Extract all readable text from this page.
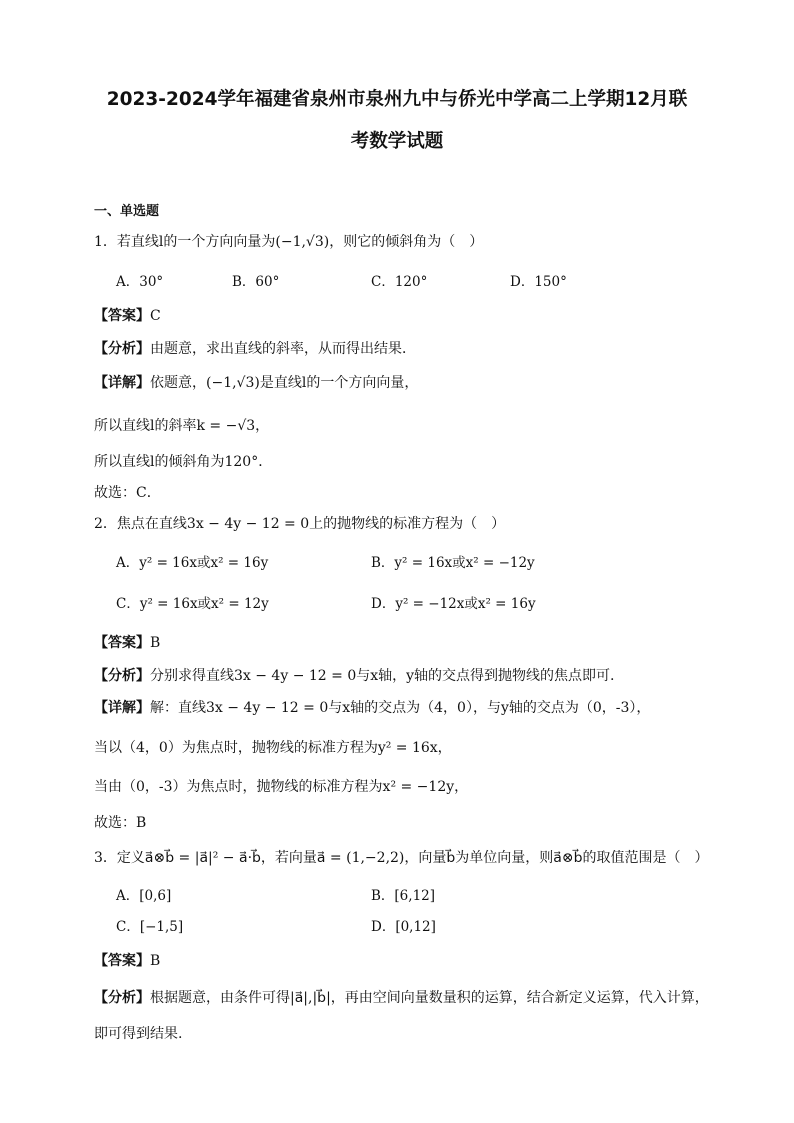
2023-2024学年福建省泉州市泉州九中与侨光中学高二上学期12月联
考数学试题
一、单选题
1．若直线l的一个方向向量为(−1,√3)，则它的倾斜角为（　）
A．30°	B．60°	C．120°	D．150°
【答案】C
【分析】由题意，求出直线的斜率，从而得出结果．
【详解】依题意，(−1,√3)是直线l的一个方向向量，
所以直线l的斜率k = −√3，
所以直线l的倾斜角为120°．
故选：C．
2．焦点在直线3x − 4y − 12 = 0上的抛物线的标准方程为（　）
A．y² = 16x或x² = 16y	B．y² = 16x或x² = −12y
C．y² = 16x或x² = 12y	D．y² = −12x或x² = 16y
【答案】B
【分析】分别求得直线3x − 4y − 12 = 0与x轴，y轴的交点得到抛物线的焦点即可.
【详解】解：直线3x − 4y − 12 = 0与x轴的交点为（4，0），与y轴的交点为（0，-3），
当以（4，0）为焦点时，抛物线的标准方程为y² = 16x，
当由（0，-3）为焦点时，抛物线的标准方程为x² = −12y，
故选：B
3．定义a⃗⊗b⃗ = |a⃗|² − a⃗·b⃗，若向量a⃗ = (1,−2,2)，向量b⃗为单位向量，则a⃗⊗b⃗的取值范围是（　）
A．[0,6]	B．[6,12]
C．[−1,5]	D．[0,12]
【答案】B
【分析】根据题意，由条件可得|a⃗|,|b⃗|，再由空间向量数量积的运算，结合新定义运算，代入计算，
即可得到结果.
